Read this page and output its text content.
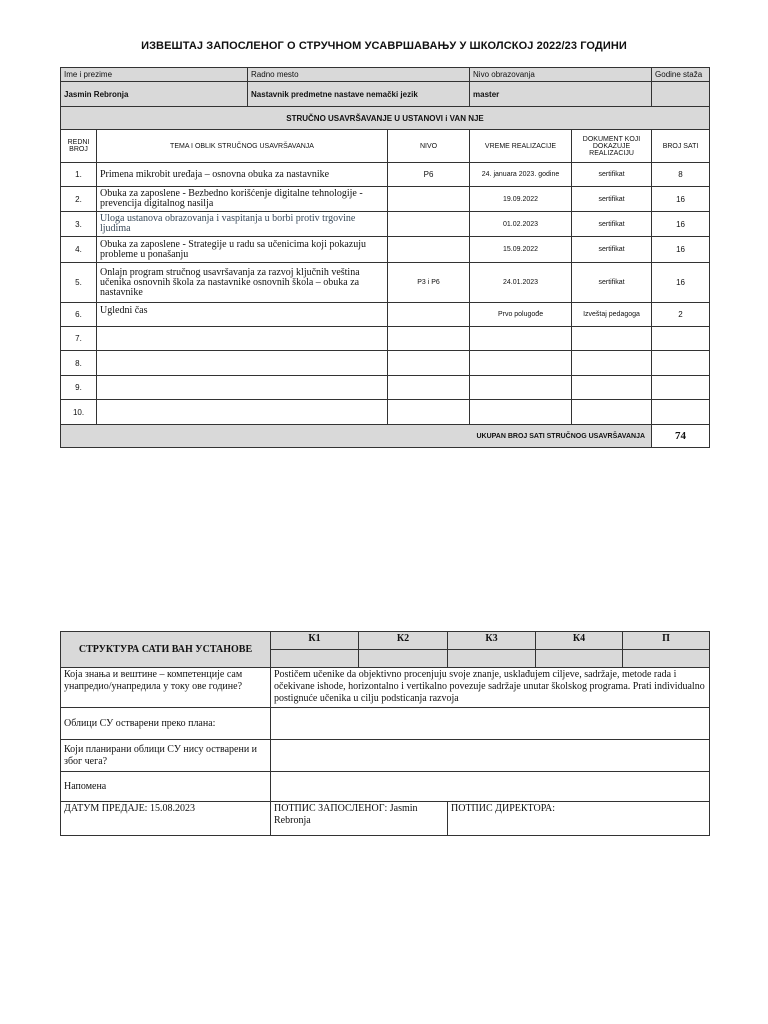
ИЗВЕШТАЈ ЗАПОСЛЕНОГ О СТРУЧНОМ УСАВРШАВАЊУ У ШКОЛСКОЈ 2022/23 ГОДИНИ
Ime i prezime		Radno mesto		Nivo obrazovanja		Godine staža
Jasmin Rebronja		Nastavnik predmetne nastave nemački jezik		master		
STRUČNO USAVRŠAVANJE U USTANOVI i VAN NJE						
REDNI BROJ	TEMA I OBLIK STRUČNOG USAVRŠAVANJA		NIVO	VREME REALIZACIJE	DOKUMENT KOJI DOKAZUJE REALIZACIJU	BROJ SATI
1.	Primena mikrobit uređaja – osnovna obuka za nastavnike		P6	24. januara 2023. godine	sertifikat	8
2.	Obuka za zaposlene - Bezbedno korišćenje digitalne tehnologije - prevencija digitalnog nasilja			19.09.2022	sertifikat	16
3.	Uloga ustanova obrazovanja i vaspitanja u borbi protiv trgovine ljudima			01.02.2023	sertifikat	16
4.	Obuka za zaposlene - Strategije u radu sa učenicima koji pokazuju probleme u ponašanju			15.09.2022	sertifikat	16
5.	Onlajn program stručnog usavršavanja za razvoj ključnih veština učenika osnovnih škola za nastavnike osnovnih škola – obuka za nastavnike		P3 i P6	24.01.2023	sertifikat	16
6.	Ugledni čas			Prvo polugođe	Izveštaj pedagoga	2
7.						
8.						
9.						
10.						
UKUPAN BROJ SATI STRUČNOG USAVRŠAVANJA						74
СТРУКТУРА САТИ ВАН УСТАНОВЕ	К1	К2	К3	К4	П

Која знања и вештине – компетенције сам унапредио/унапредила у току ове године?	Postičem učenike da objektivno procenjuju svoje znanje, usklađujem ciljeve, sadržaje, metode rada i očekivane ishode, horizontalno i vertikalno povezuje sadržaje unutar školskog programa. Prati individualno postignuće učenika u cilju podsticanja razvoja				
Облици СУ остварени преко плана:					
Који планирани облици СУ нису остварени и због чега?					
Напомена					
ДАТУМ ПРЕДАЈЕ: 15.08.2023	ПОТПИС ЗАПОСЛЕНОГ: Jasmin Rebronja		ПОТПИС ДИРЕКТОРА:		
